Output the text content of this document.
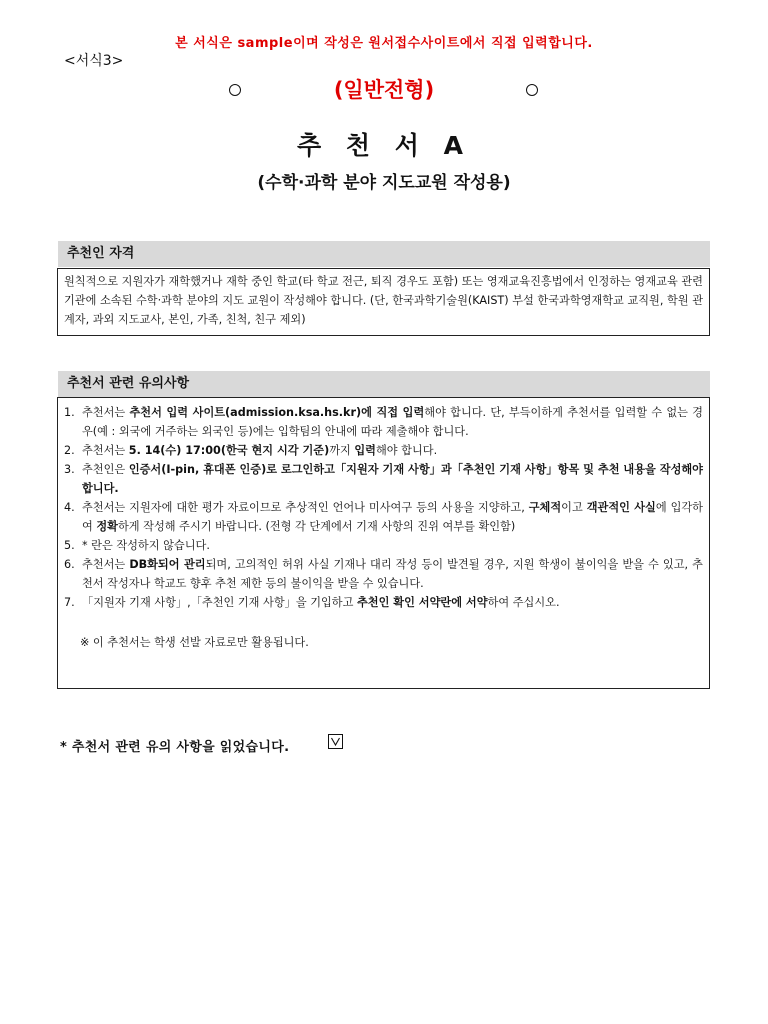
본 서식은 sample이며 작성은 원서접수사이트에서 직접 입력합니다.
<서식3>
(일반전형)
추 천 서 A
(수학·과학 분야 지도교원 작성용)
추천인 자격
원칙적으로 지원자가 재학했거나 재학 중인 학교(타 학교 전근, 퇴직 경우도 포함) 또는 영재교육진흥법에서 인정하는 영재교육 관련 기관에 소속된 수학·과학 분야의 지도 교원이 작성해야 합니다. (단, 한국과학기술원(KAIST) 부설 한국과학영재학교 교직원, 학원 관계자, 과외 지도교사, 본인, 가족, 친척, 친구 제외)
추천서 관련 유의사항
1. 추천서는 추천서 입력 사이트(admission.ksa.hs.kr)에 직접 입력해야 합니다. 단, 부득이하게 추천서를 입력할 수 없는 경우(예 : 외국에 거주하는 외국인 등)에는 입학팀의 안내에 따라 제출해야 합니다.
2. 추천서는 5. 14(수) 17:00(한국 현지 시각 기준)까지 입력해야 합니다.
3. 추천인은 인증서(I-pin, 휴대폰 인증)로 로그인하고「지원자 기재 사항」과「추천인 기재 사항」항목 및 추천 내용을 작성해야 합니다.
4. 추천서는 지원자에 대한 평가 자료이므로 추상적인 언어나 미사여구 등의 사용을 지양하고, 구체적이고 객관적인 사실에 입각하여 정확하게 작성해 주시기 바랍니다. (전형 각 단계에서 기재 사항의 진위 여부를 확인함)
5. * 란은 작성하지 않습니다.
6. 추천서는 DB화되어 관리되며, 고의적인 허위 사실 기재나 대리 작성 등이 발견될 경우, 지원 학생이 불이익을 받을 수 있고, 추천서 작성자나 학교도 향후 추천 제한 등의 불이익을 받을 수 있습니다.
7. 「지원자 기재 사항」,「추천인 기재 사항」을 기입하고 추천인 확인 서약란에 서약하여 주십시오.
※ 이 추천서는 학생 선발 자료로만 활용됩니다.
* 추천서 관련 유의 사항을 읽었습니다.
